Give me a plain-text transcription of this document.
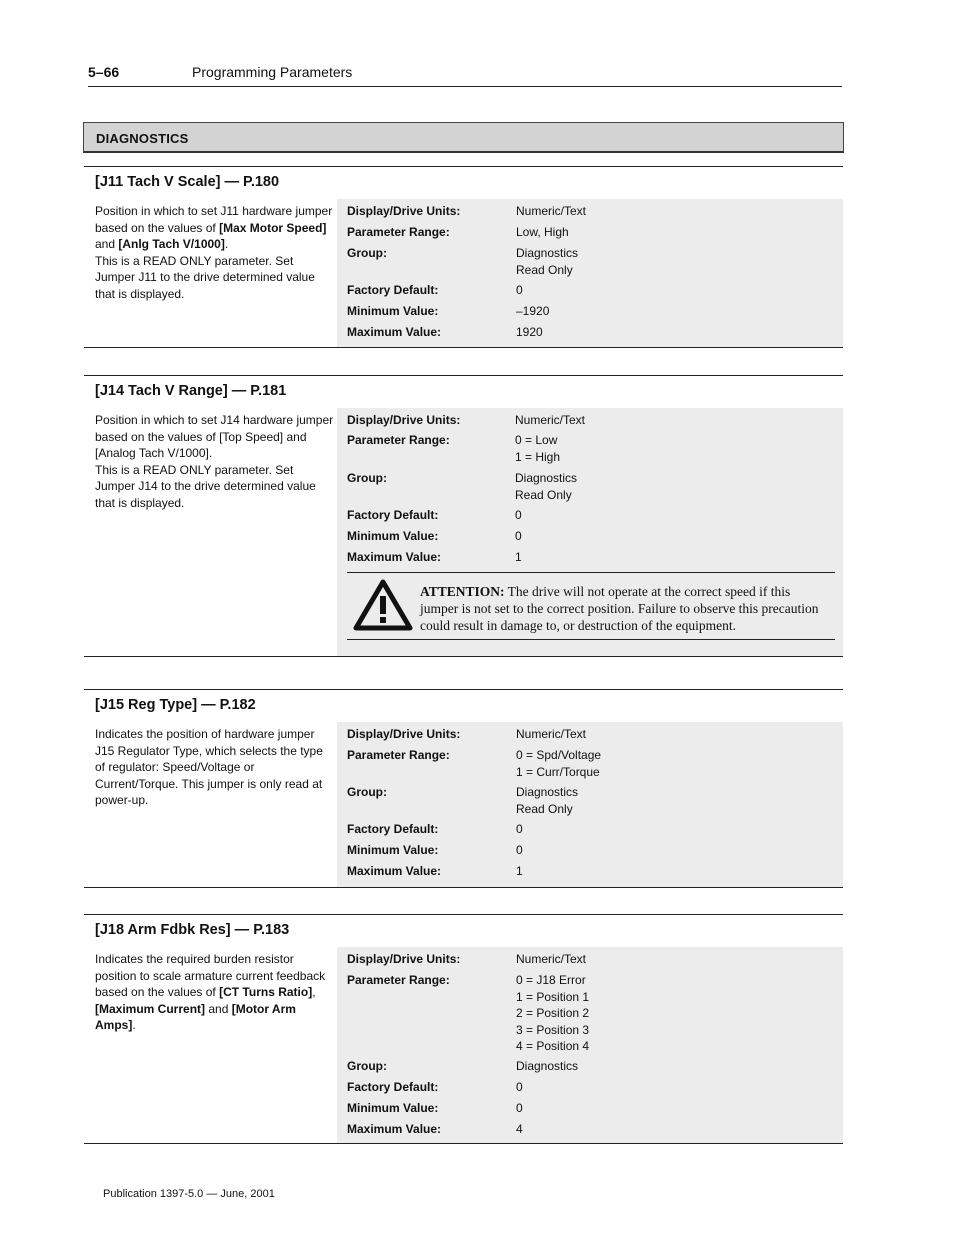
5–66	Programming Parameters
DIAGNOSTICS
[J11 Tach V Scale] — P.180
Position in which to set J11 hardware jumper based on the values of [Max Motor Speed] and [Anlg Tach V/1000].
This is a READ ONLY parameter. Set Jumper J11 to the drive determined value that is displayed.
Display/Drive Units:	Numeric/Text
Parameter Range:	Low, High
Group:	Diagnostics
Read Only
Factory Default:	0
Minimum Value:	–1920
Maximum Value:	1920
[J14 Tach V Range] — P.181
Position in which to set J14 hardware jumper based on the values of [Top Speed] and [Analog Tach V/1000].
This is a READ ONLY parameter. Set Jumper J14 to the drive determined value that is displayed.
Display/Drive Units:	Numeric/Text
Parameter Range:	0 = Low
1 = High
Group:	Diagnostics
Read Only
Factory Default:	0
Minimum Value:	0
Maximum Value:	1
ATTENTION: The drive will not operate at the correct speed if this jumper is not set to the correct position. Failure to observe this precaution could result in damage to, or destruction of the equipment.
[J15 Reg Type] — P.182
Indicates the position of hardware jumper J15 Regulator Type, which selects the type of regulator: Speed/Voltage or Current/Torque. This jumper is only read at power-up.
Display/Drive Units:	Numeric/Text
Parameter Range:	0 = Spd/Voltage
1 = Curr/Torque
Group:	Diagnostics
Read Only
Factory Default:	0
Minimum Value:	0
Maximum Value:	1
[J18 Arm Fdbk Res] — P.183
Indicates the required burden resistor position to scale armature current feedback based on the values of [CT Turns Ratio], [Maximum Current] and [Motor Arm Amps].
Display/Drive Units:	Numeric/Text
Parameter Range:	0 = J18 Error
1 = Position 1
2 = Position 2
3 = Position 3
4 = Position 4
Group:	Diagnostics
Factory Default:	0
Minimum Value:	0
Maximum Value:	4
Publication 1397-5.0 — June, 2001
